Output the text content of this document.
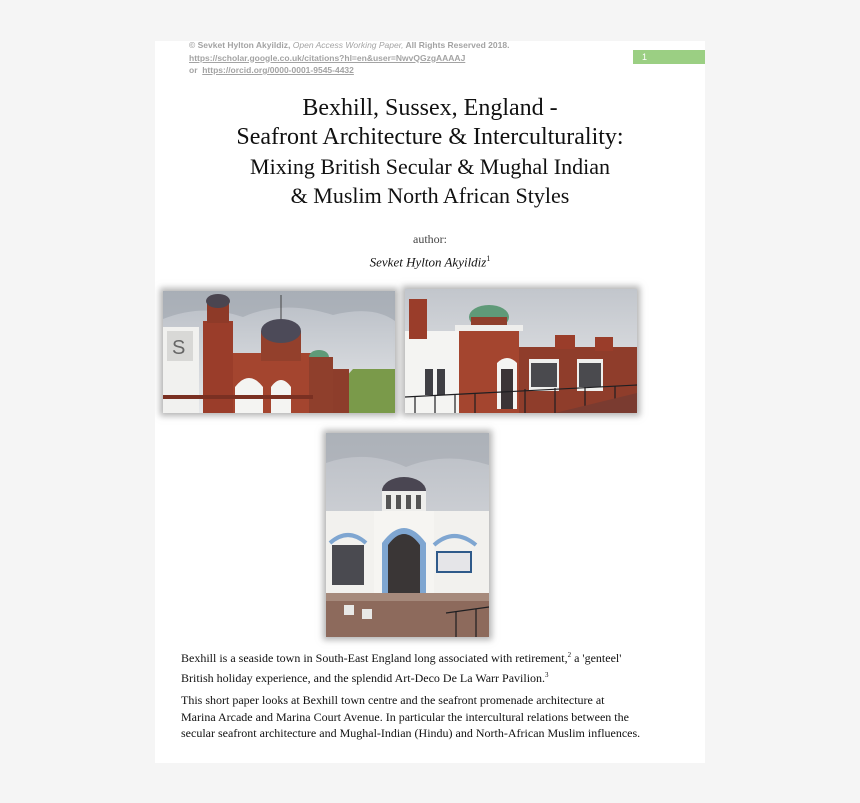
© Sevket Hylton Akyildiz, Open Access Working Paper, All Rights Reserved 2018.
https://scholar.google.co.uk/citations?hl=en&user=NwvQGzgAAAAJ
or https://orcid.org/0000-0001-9545-4432
1
Bexhill, Sussex, England -
Seafront Architecture & Interculturality:
Mixing British Secular & Mughal Indian
& Muslim North African Styles
author:
Sevket Hylton Akyildiz$^1$
S

Bexhill is a seaside town in South-East England long associated with retirement,$^2$ a 'genteel' British holiday experience, and the splendid Art-Deco De La Warr Pavilion.$^3$

This short paper looks at Bexhill town centre and the seafront promenade architecture at Marina Arcade and Marina Court Avenue. In particular the intercultural relations between the secular seafront architecture and Mughal-Indian (Hindu) and North-African Muslim influences.
